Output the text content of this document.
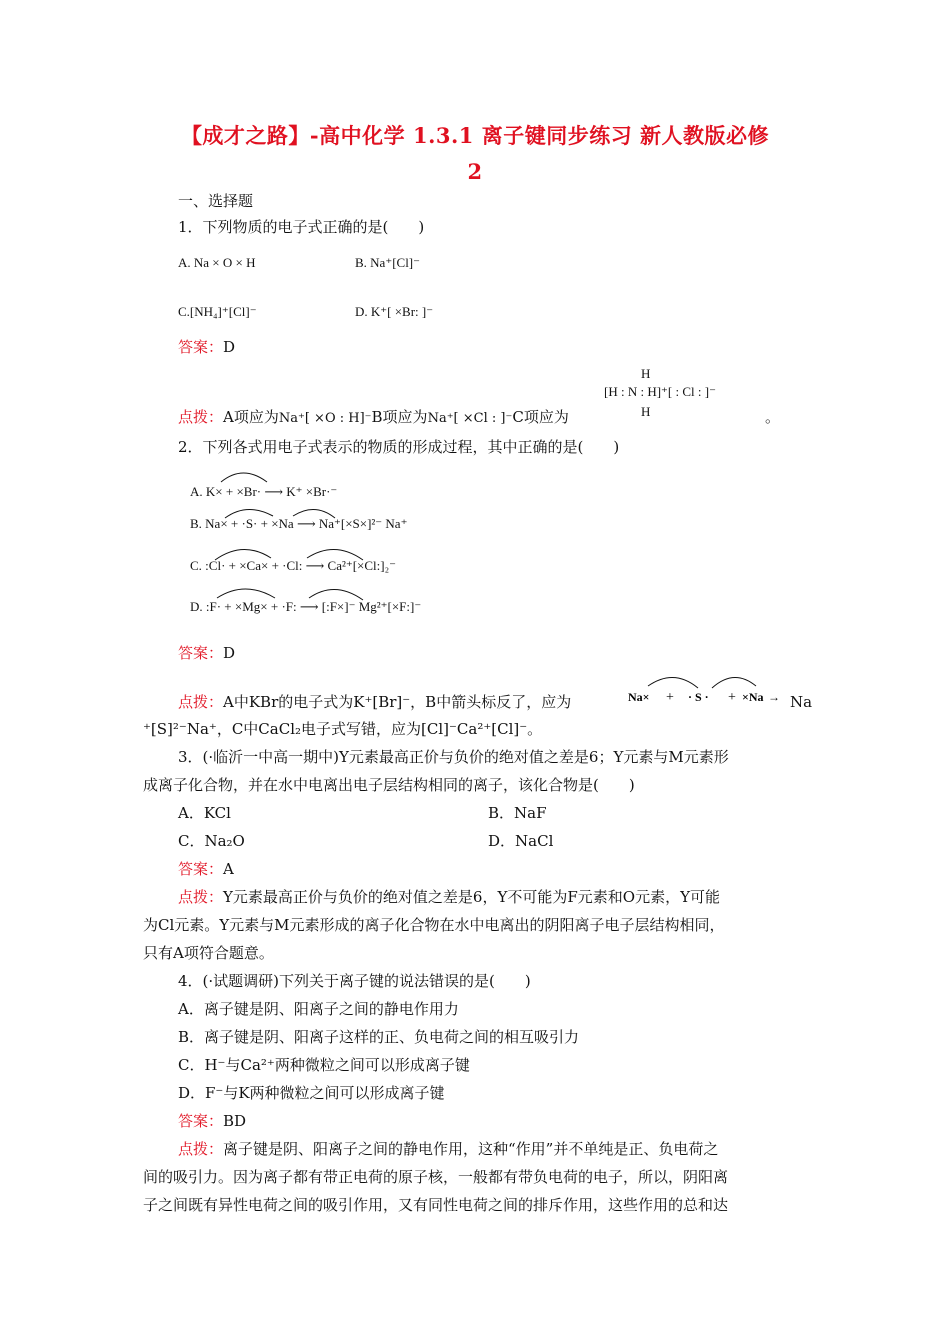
【成才之路】-高中化学 1.3.1 离子键同步练习 新人教版必修
2
一、选择题
1．下列物质的电子式正确的是(　　)
A. Na × O × H	B. Na⁺[Cl]⁻
C.[NH₄]⁺[Cl]⁻	D. K⁺[ ×Br: ]⁻
答案：D
点拨：A项应为Na⁺[ ×O : H]⁻B项应为Na⁺[ ×Cl : ]⁻C项应为
[H : N : H]⁺[ : Cl : ]⁻
H
H	。
2．下列各式用电子式表示的物质的形成过程，其中正确的是(　　)
A. K× + ×Br· ⟶ K⁺ ×Br·⁻
B. Na× + ·S· + ×Na ⟶ Na⁺[×S×]²⁻ Na⁺
C. :Cl· + ×Ca× + ·Cl: ⟶ Ca²⁺[×Cl:]₂⁻
D. :F· + ×Mg× + ·F: ⟶ [:F×]⁻ Mg²⁺[×F:]⁻
答案：D
点拨：A中KBr的电子式为K⁺[Br]⁻，B中箭头标反了，应为	Na× + · S · + ×Na → Na
⁺[S]²⁻Na⁺，C中CaCl₂电子式写错，应为[Cl]⁻Ca²⁺[Cl]⁻。
3．(·临沂一中高一期中)Y元素最高正价与负价的绝对值之差是6；Y元素与M元素形
成离子化合物，并在水中电离出电子层结构相同的离子，该化合物是(　　)
A．KCl	B．NaF
C．Na₂O	D．NaCl
答案：A
点拨：Y元素最高正价与负价的绝对值之差是6，Y不可能为F元素和O元素，Y可能
为Cl元素。Y元素与M元素形成的离子化合物在水中电离出的阴阳离子电子层结构相同，
只有A项符合题意。
4．(·试题调研)下列关于离子键的说法错误的是(　　)
A．离子键是阴、阳离子之间的静电作用力
B．离子键是阴、阳离子这样的正、负电荷之间的相互吸引力
C．H⁻与Ca²⁺两种微粒之间可以形成离子键
D．F⁻与K两种微粒之间可以形成离子键
答案：BD
点拨：离子键是阴、阳离子之间的静电作用，这种“作用”并不单纯是正、负电荷之
间的吸引力。因为离子都有带正电荷的原子核，一般都有带负电荷的电子，所以，阴阳离
子之间既有异性电荷之间的吸引作用，又有同性电荷之间的排斥作用，这些作用的总和达
